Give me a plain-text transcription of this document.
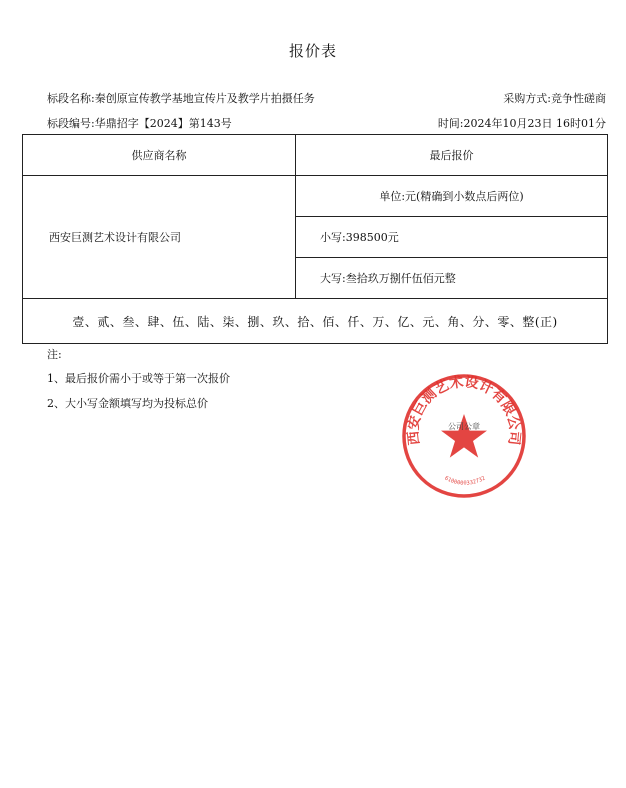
报价表
标段名称:秦创原宣传教学基地宣传片及教学片拍摄任务	采购方式:竞争性磋商
标段编号:华鼎招字【2024】第143号	时间:2024年10月23日 16时01分
供应商名称	最后报价
西安巨测艺术设计有限公司	单位:元(精确到小数点后两位)
	小写:398500元
	大写:叁拾玖万捌仟伍佰元整
壹、贰、叁、肆、伍、陆、柒、捌、玖、拾、佰、仟、万、亿、元、角、分、零、整(正)	
注:
1、最后报价需小于或等于第一次报价
2、大小写金额填写均为投标总价
西安巨测艺术设计有限公司
公司公章
6100000332732
